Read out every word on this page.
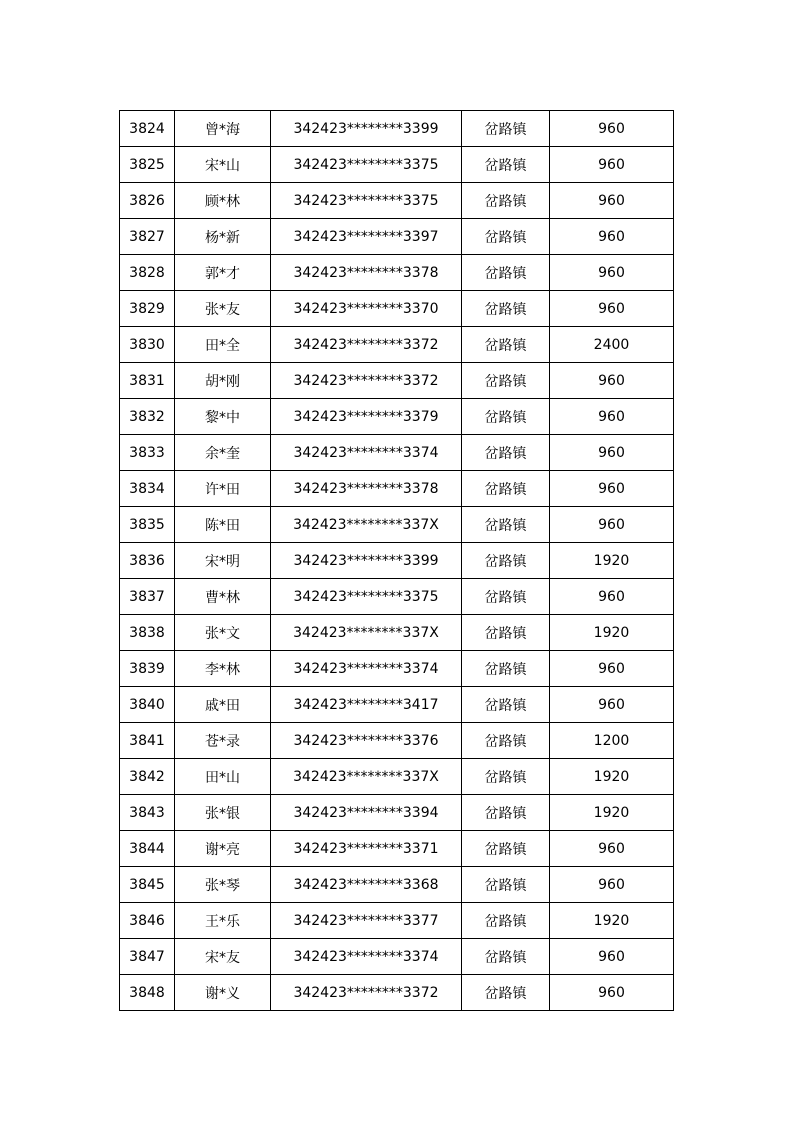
3824	曾*海	342423********3399	岔路镇	960
3825	宋*山	342423********3375	岔路镇	960
3826	顾*林	342423********3375	岔路镇	960
3827	杨*新	342423********3397	岔路镇	960
3828	郭*才	342423********3378	岔路镇	960
3829	张*友	342423********3370	岔路镇	960
3830	田*全	342423********3372	岔路镇	2400
3831	胡*刚	342423********3372	岔路镇	960
3832	黎*中	342423********3379	岔路镇	960
3833	余*奎	342423********3374	岔路镇	960
3834	许*田	342423********3378	岔路镇	960
3835	陈*田	342423********337X	岔路镇	960
3836	宋*明	342423********3399	岔路镇	1920
3837	曹*林	342423********3375	岔路镇	960
3838	张*文	342423********337X	岔路镇	1920
3839	李*林	342423********3374	岔路镇	960
3840	戚*田	342423********3417	岔路镇	960
3841	苍*录	342423********3376	岔路镇	1200
3842	田*山	342423********337X	岔路镇	1920
3843	张*银	342423********3394	岔路镇	1920
3844	谢*亮	342423********3371	岔路镇	960
3845	张*琴	342423********3368	岔路镇	960
3846	王*乐	342423********3377	岔路镇	1920
3847	宋*友	342423********3374	岔路镇	960
3848	谢*义	342423********3372	岔路镇	960
